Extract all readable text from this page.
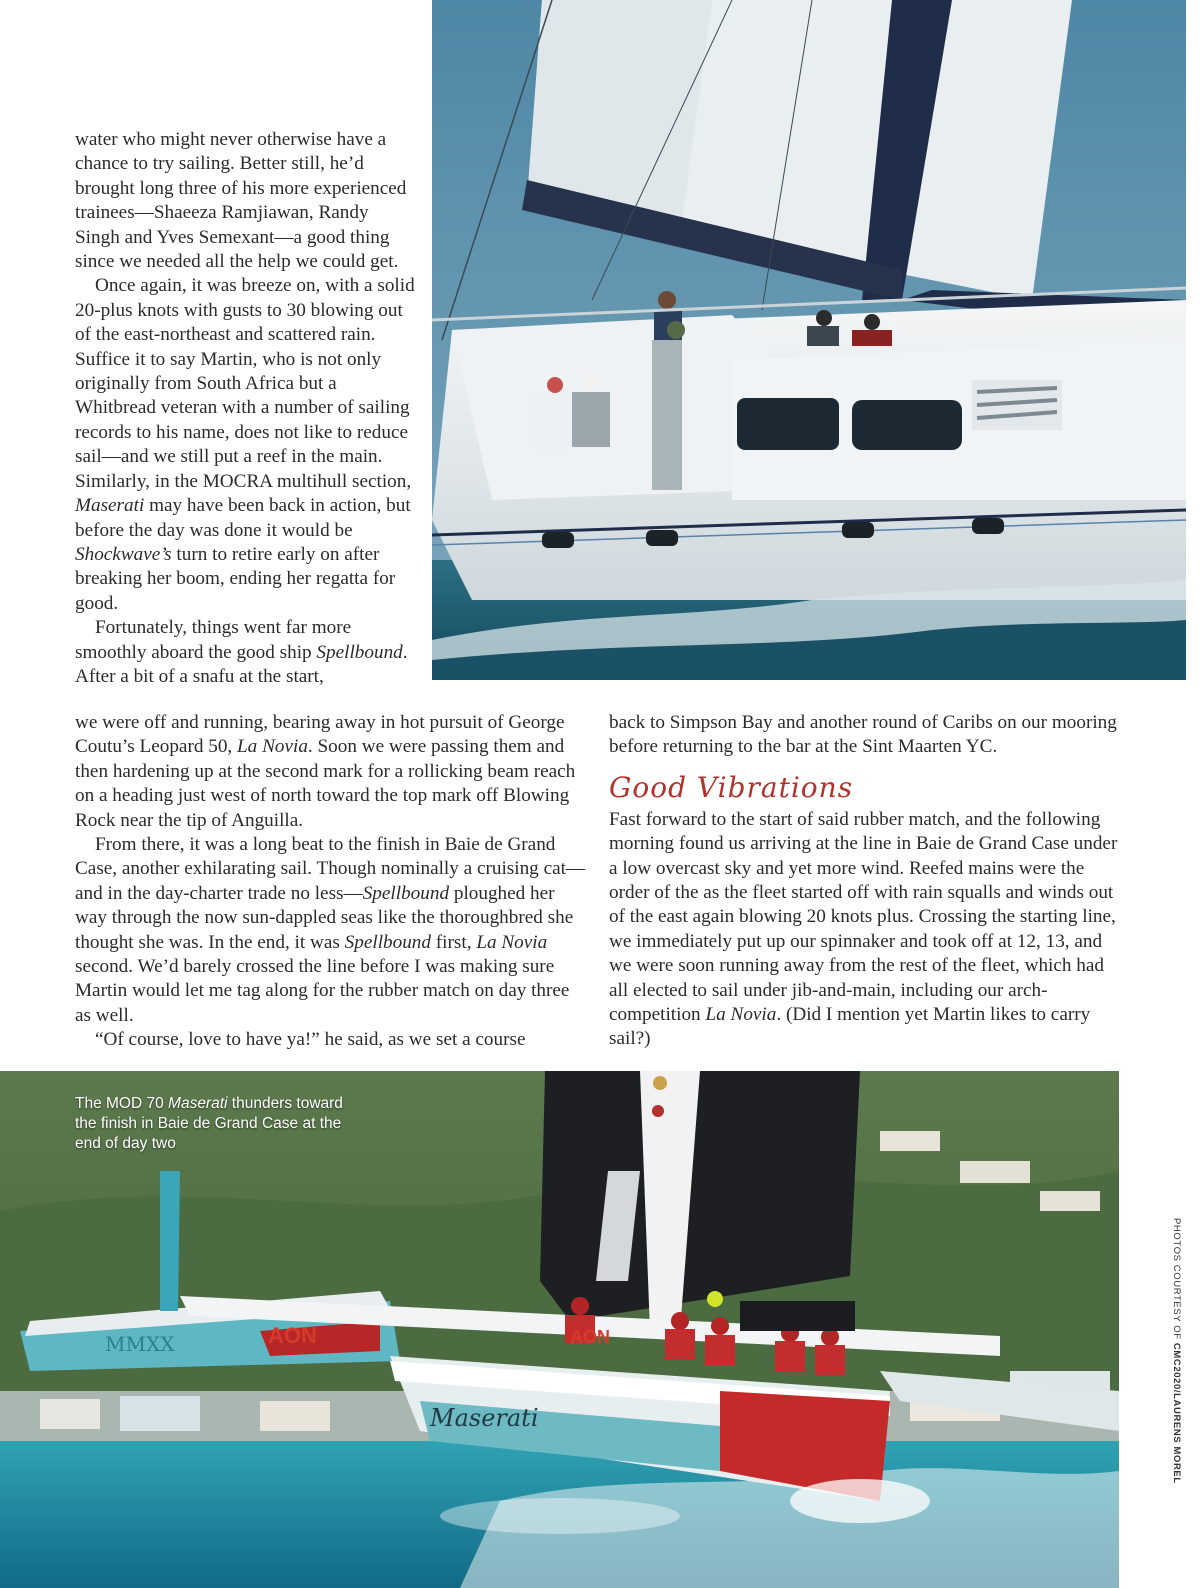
water who might never otherwise have a chance to try sailing. Better still, he’d brought long three of his more experienced trainees—Shaeeza Ramjiawan, Randy Singh and Yves Semexant—a good thing since we needed all the help we could get.

Once again, it was breeze on, with a solid 20-plus knots with gusts to 30 blowing out of the east-northeast and scattered rain. Suffice it to say Martin, who is not only originally from South Africa but a Whitbread veteran with a number of sailing records to his name, does not like to reduce sail—and we still put a reef in the main. Similarly, in the MOCRA multihull section, Maserati may have been back in action, but before the day was done it would be Shockwave’s turn to retire early on after breaking her boom, ending her regatta for good.

Fortunately, things went far more smoothly aboard the good ship Spellbound. After a bit of a snafu at the start,

we were off and running, bearing away in hot pursuit of George Coutu’s Leopard 50, La Novia. Soon we were passing them and then hardening up at the second mark for a rollicking beam reach on a heading just west of north toward the top mark off Blowing Rock near the tip of Anguilla.

From there, it was a long beat to the finish in Baie de Grand Case, another exhilarating sail. Though nominally a cruising cat—and in the day-charter trade no less—Spellbound ploughed her way through the now sun-dappled seas like the thoroughbred she thought she was. In the end, it was Spellbound first, La Novia second. We’d barely crossed the line before I was making sure Martin would let me tag along for the rubber match on day three as well.

“Of course, love to have ya!” he said, as we set a course

back to Simpson Bay and another round of Caribs on our mooring before returning to the bar at the Sint Maarten YC.

Good Vibrations

Fast forward to the start of said rubber match, and the following morning found us arriving at the line in Baie de Grand Case under a low overcast sky and yet more wind. Reefed mains were the order of the as the fleet started off with rain squalls and winds out of the east again blowing 20 knots plus. Crossing the starting line, we immediately put up our spinnaker and took off at 12, 13, and we were soon running away from the rest of the fleet, which had all elected to sail under jib-and-main, including our arch-competition La Novia. (Did I mention yet Martin likes to carry sail?)

MMXX	AON	AON
Maserati
The MOD 70 Maserati thunders toward the finish in Baie de Grand Case at the end of day two
PHOTOS COURTESY OF CMC2020/LAURENS MOREL
